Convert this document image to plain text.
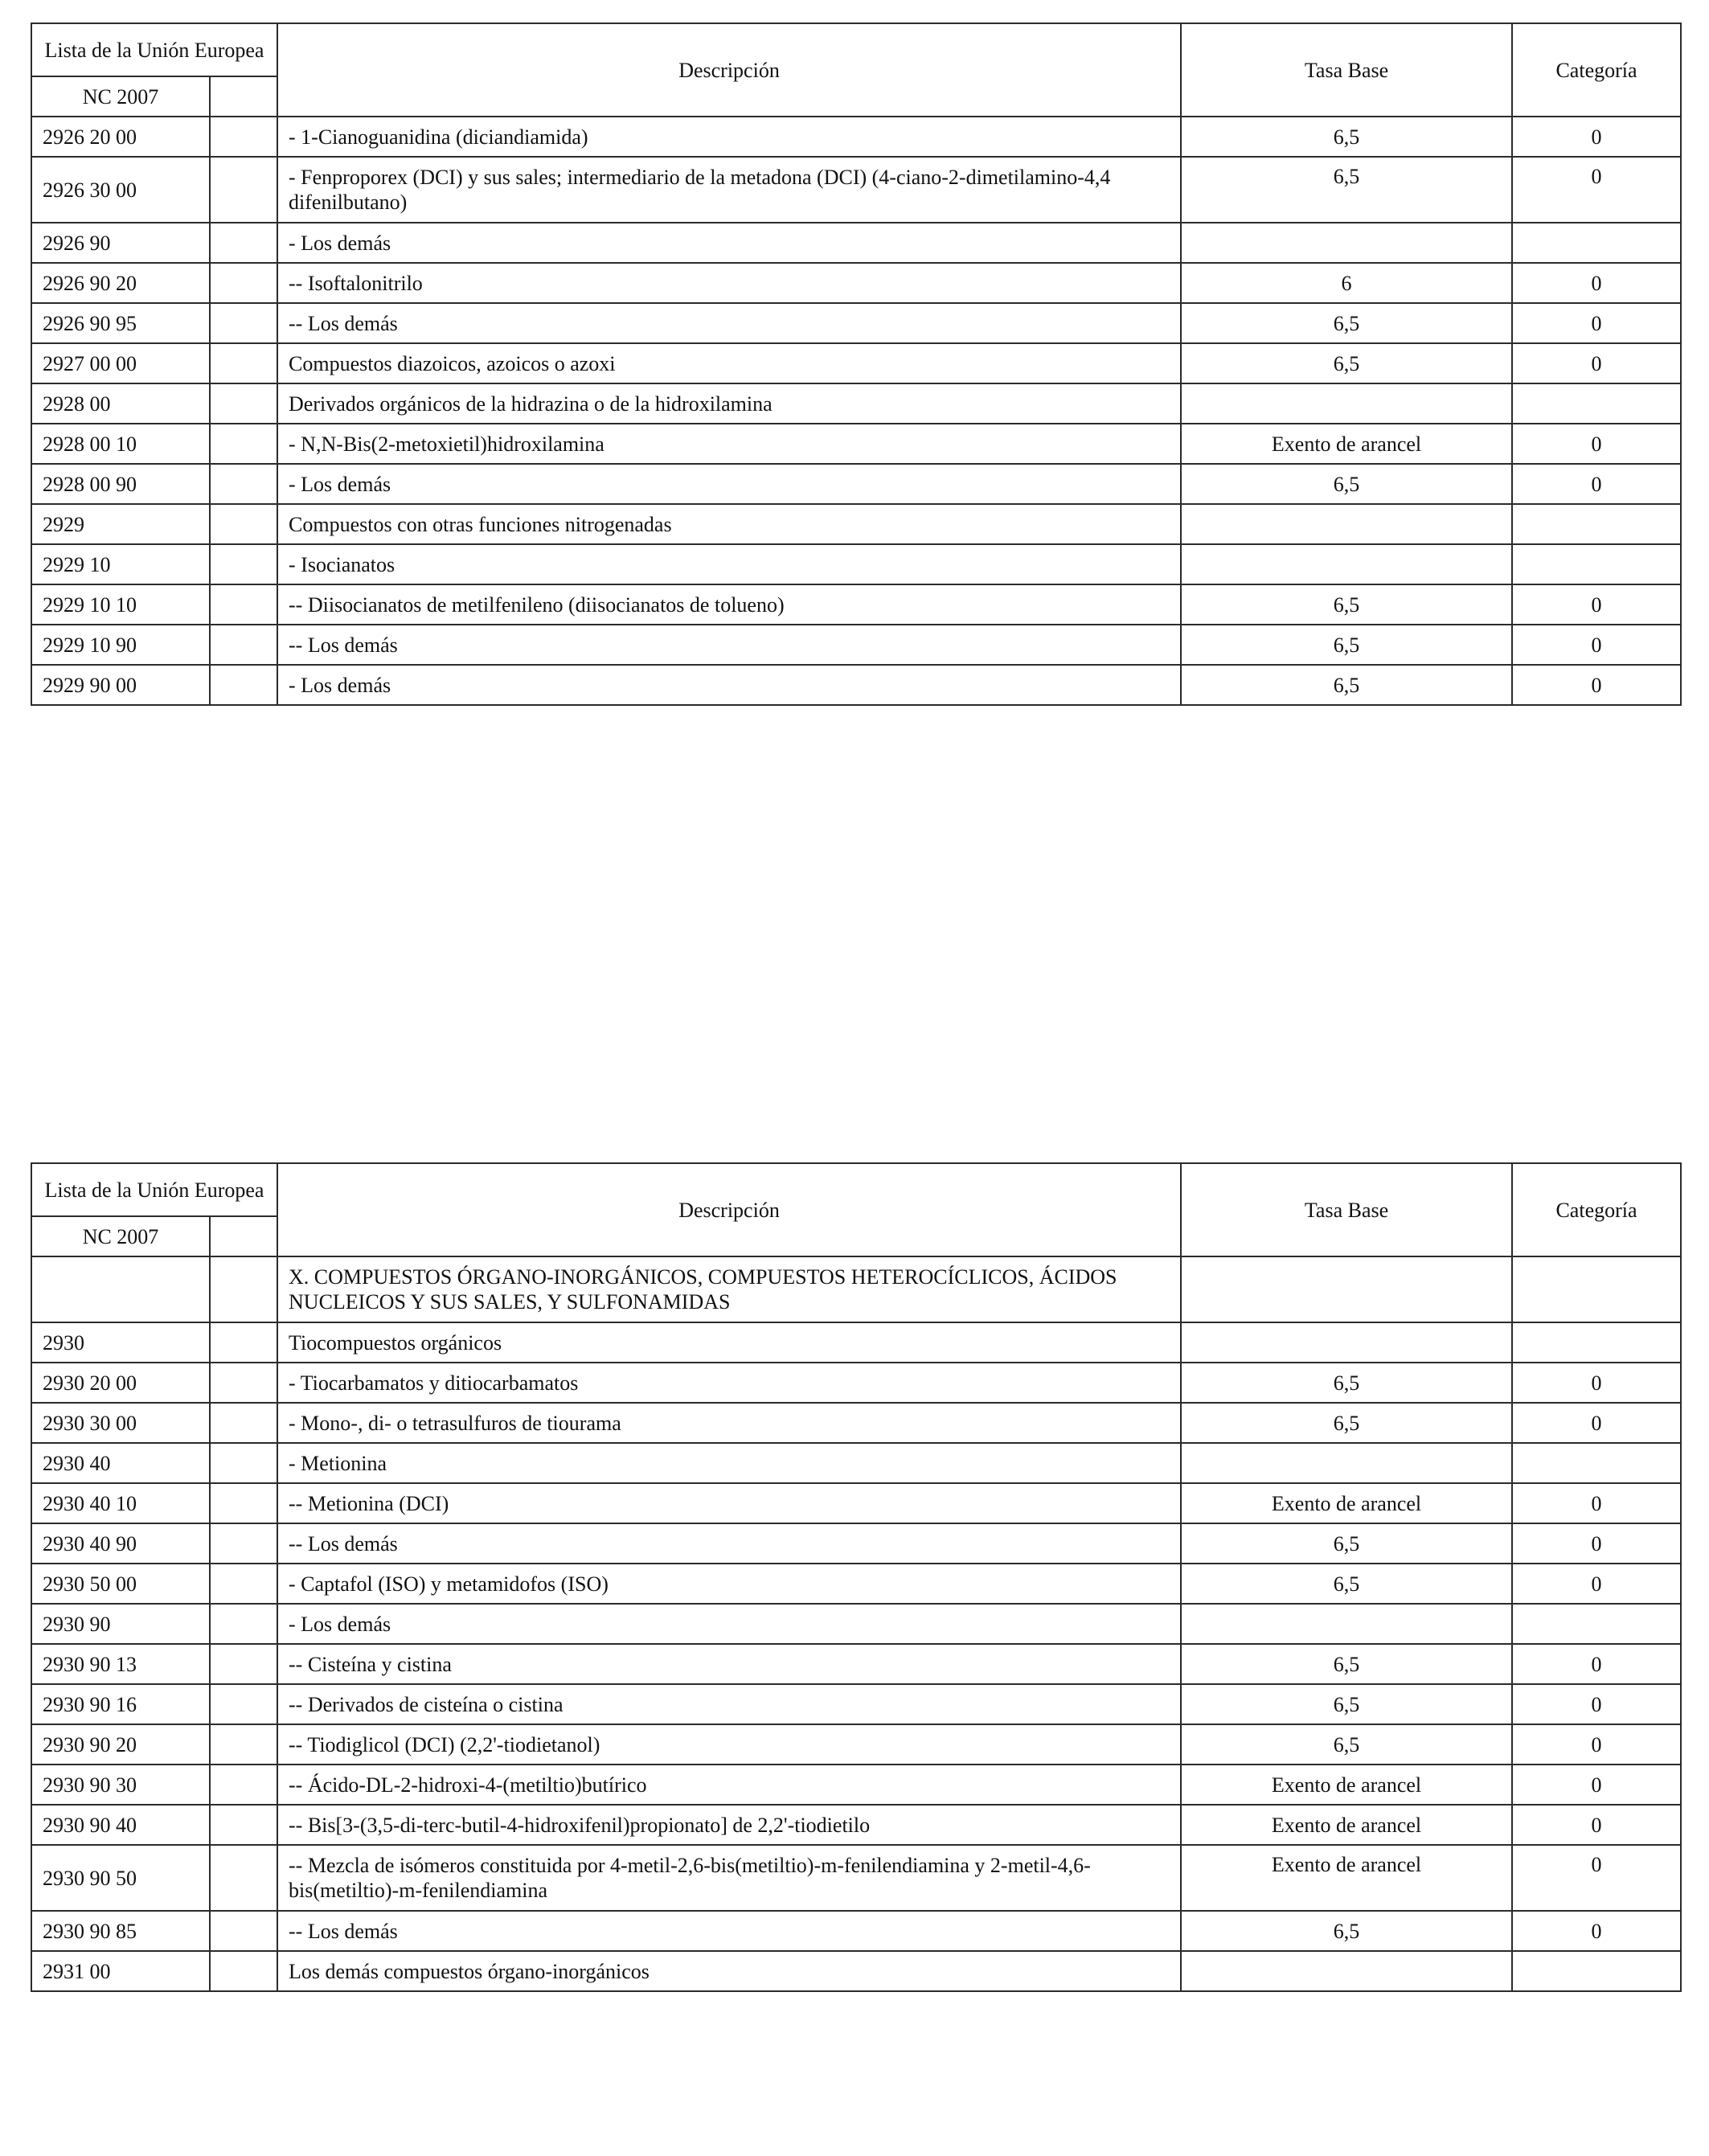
Lista de la Unión Europea		Descripción	Tasa Base	Categoría
NC 2007				
2926 20 00		- 1-Cianoguanidina (diciandiamida)	6,5	0
2926 30 00		- Fenproporex (DCI) y sus sales; intermediario de la metadona (DCI) (4-ciano-2-dimetilamino-4,4 difenilbutano)	6,5	0
2926 90		- Los demás		
2926 90 20		-- Isoftalonitrilo	6	0
2926 90 95		-- Los demás	6,5	0
2927 00 00		Compuestos diazoicos, azoicos o azoxi	6,5	0
2928 00		Derivados orgánicos de la hidrazina o de la hidroxilamina		
2928 00 10		- N,N-Bis(2-metoxietil)hidroxilamina	Exento de arancel	0
2928 00 90		- Los demás	6,5	0
2929		Compuestos con otras funciones nitrogenadas		
2929 10		- Isocianatos		
2929 10 10		-- Diisocianatos de metilfenileno (diisocianatos de tolueno)	6,5	0
2929 10 90		-- Los demás	6,5	0
2929 90 00		- Los demás	6,5	0
Lista de la Unión Europea		Descripción	Tasa Base	Categoría
NC 2007				
		X. COMPUESTOS ÓRGANO-INORGÁNICOS, COMPUESTOS HETEROCÍCLICOS, ÁCIDOS NUCLEICOS Y SUS SALES, Y SULFONAMIDAS		
2930		Tiocompuestos orgánicos		
2930 20 00		- Tiocarbamatos y ditiocarbamatos	6,5	0
2930 30 00		- Mono-, di- o tetrasulfuros de tiourama	6,5	0
2930 40		- Metionina		
2930 40 10		-- Metionina (DCI)	Exento de arancel	0
2930 40 90		-- Los demás	6,5	0
2930 50 00		- Captafol (ISO) y metamidofos (ISO)	6,5	0
2930 90		- Los demás		
2930 90 13		-- Cisteína y cistina	6,5	0
2930 90 16		-- Derivados de cisteína o cistina	6,5	0
2930 90 20		-- Tiodiglicol (DCI) (2,2'-tiodietanol)	6,5	0
2930 90 30		-- Ácido-DL-2-hidroxi-4-(metiltio)butírico	Exento de arancel	0
2930 90 40		-- Bis[3-(3,5-di-terc-butil-4-hidroxifenil)propionato] de 2,2'-tiodietilo	Exento de arancel	0
2930 90 50		-- Mezcla de isómeros constituida por 4-metil-2,6-bis(metiltio)-m-fenilendiamina y 2-metil-4,6-bis(metiltio)-m-fenilendiamina	Exento de arancel	0
2930 90 85		-- Los demás	6,5	0
2931 00		Los demás compuestos órgano-inorgánicos		
